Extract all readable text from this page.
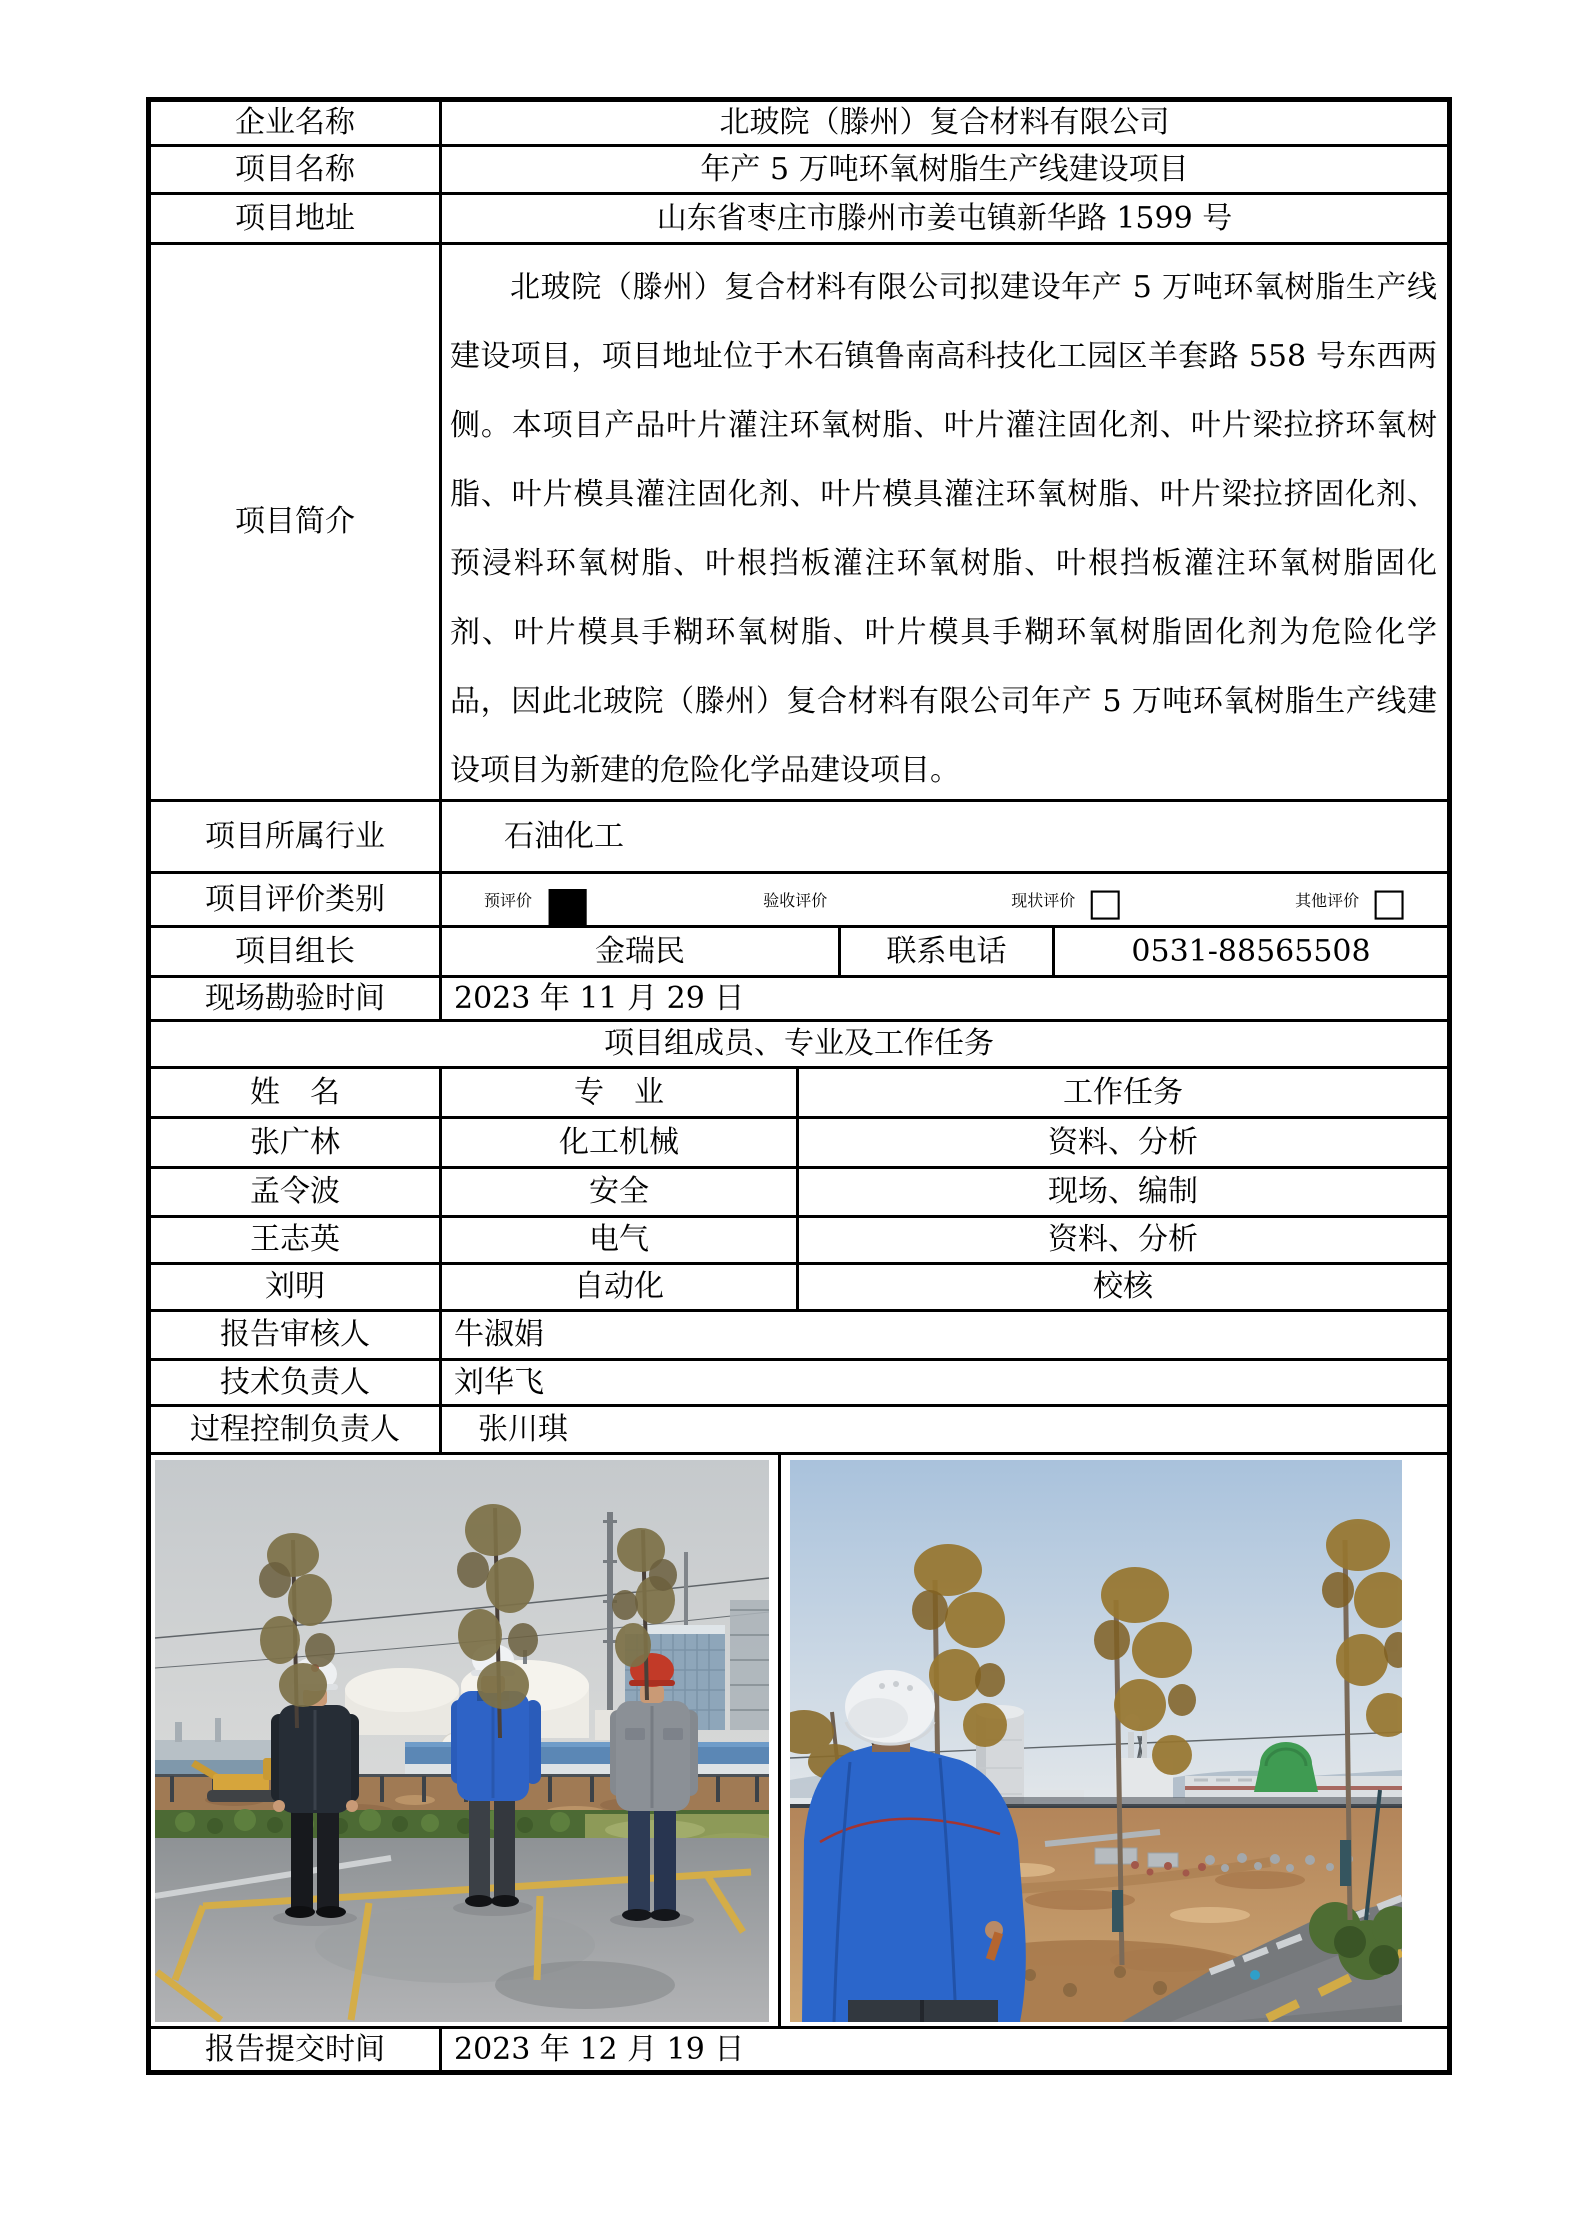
企业名称	北玻院（滕州）复合材料有限公司
项目名称	年产 5 万吨环氧树脂生产线建设项目
项目地址	山东省枣庄市滕州市姜屯镇新华路 1599 号
项目简介

北玻院（滕州）复合材料有限公司拟建设年产 5 万吨环氧树脂生产线建设项目，项目地址位于木石镇鲁南高科技化工园区羊套路 558 号东西两侧。本项目产品叶片灌注环氧树脂、叶片灌注固化剂、叶片梁拉挤环氧树脂、叶片模具灌注固化剂、叶片模具灌注环氧树脂、叶片梁拉挤固化剂、预浸料环氧树脂、叶根挡板灌注环氧树脂、叶根挡板灌注环氧树脂固化剂、叶片模具手糊环氧树脂、叶片模具手糊环氧树脂固化剂为危险化学品，因此北玻院（滕州）复合材料有限公司年产 5 万吨环氧树脂生产线建设项目为新建的危险化学品建设项目。

项目所属行业	石油化工
项目评价类别	预评价 ■	验收评价	现状评价 □	其他评价 □
项目组长	金瑞民	联系电话	0531-88565508
现场勘验时间	2023 年 11 月 29 日
项目组成员、专业及工作任务
姓　名	专　业	工作任务
张广林	化工机械	资料、分析
孟令波	安全	现场、编制
王志英	电气	资料、分析
刘明	自动化	校核
报告审核人	牛淑娟
技术负责人	刘华飞
过程控制负责人	张川琪
报告提交时间	2023 年 12 月 19 日
